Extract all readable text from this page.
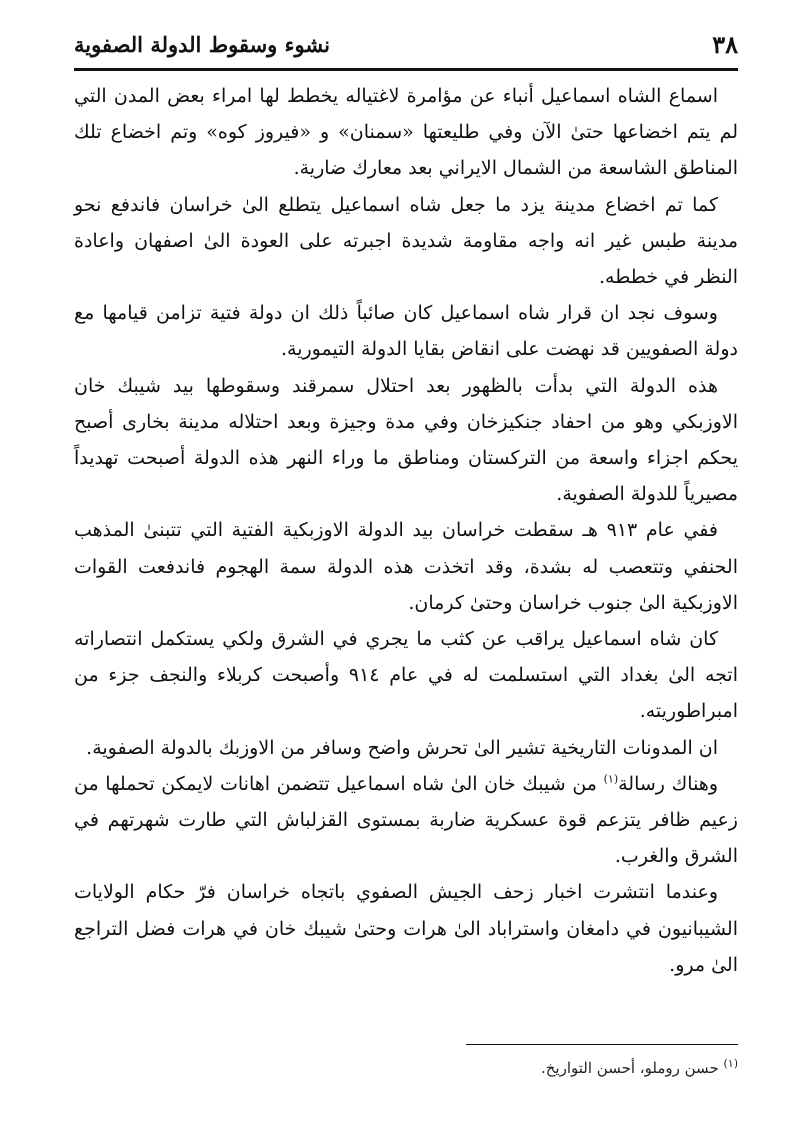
٣٨
نشوء وسقوط الدولة الصفوية

اسماع الشاه اسماعيل أنباء عن مؤامرة لاغتياله يخطط لها امراء بعض المدن التي لم يتم اخضاعها حتىٰ الآن وفي طليعتها «سمنان» و «فيروز كوه» وتم اخضاع تلك المناطق الشاسعة من الشمال الايراني بعد معارك ضارية.

كما تم اخضاع مدينة يزد ما جعل شاه اسماعيل يتطلع الىٰ خراسان فاندفع نحو مدينة طبس غير انه واجه مقاومة شديدة اجبرته على العودة الىٰ اصفهان واعادة النظر في خططه.

وسوف نجد ان قرار شاه اسماعيل كان صائباً ذلك ان دولة فتية تزامن قيامها مع دولة الصفويين قد نهضت على انقاض بقايا الدولة التيمورية.

هذه الدولة التي بدأت بالظهور بعد احتلال سمرقند وسقوطها بيد شيبك خان الاوزبكي وهو من احفاد جنكيزخان وفي مدة وجيزة وبعد احتلاله مدينة بخارى أصبح يحكم اجزاء واسعة من التركستان ومناطق ما وراء النهر هذه الدولة أصبحت تهديداً مصيرياً للدولة الصفوية.

ففي عام ٩١٣ هـ سقطت خراسان بيد الدولة الاوزبكية الفتية التي تتبنىٰ المذهب الحنفي وتتعصب له بشدة، وقد اتخذت هذه الدولة سمة الهجوم فاندفعت القوات الاوزبكية الىٰ جنوب خراسان وحتىٰ كرمان.

كان شاه اسماعيل يراقب عن كثب ما يجري في الشرق ولكي يستكمل انتصاراته اتجه الىٰ بغداد التي استسلمت له في عام ٩١٤ وأصبحت كربلاء والنجف جزء من امبراطوريته.

ان المدونات التاريخية تشير الىٰ تحرش واضح وسافر من الاوزبك بالدولة الصفوية.

وهناك رسالة$^{(١)}$ من شيبك خان الىٰ شاه اسماعيل تتضمن اهانات لايمكن تحملها من زعيم ظافر يتزعم قوة عسكرية ضاربة بمستوى القزلباش التي طارت شهرتهم في الشرق والغرب.

وعندما انتشرت اخبار زحف الجيش الصفوي باتجاه خراسان فرّ حكام الولايات الشيبانيون في دامغان واستراباد الىٰ هرات وحتىٰ شيبك خان في هرات فضل التراجع الىٰ مرو.

$^{(١)}$ حسن روملو، أحسن التواريخ.
